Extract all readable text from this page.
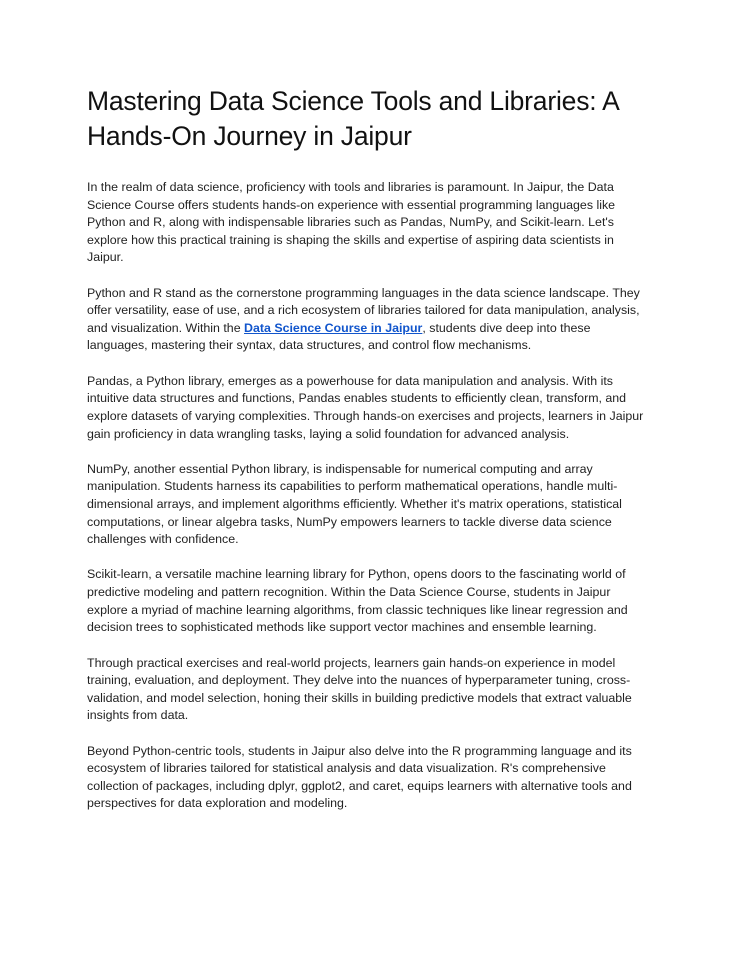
Mastering Data Science Tools and Libraries: A Hands-On Journey in Jaipur

In the realm of data science, proficiency with tools and libraries is paramount. In Jaipur, the Data Science Course offers students hands-on experience with essential programming languages like Python and R, along with indispensable libraries such as Pandas, NumPy, and Scikit-learn. Let's explore how this practical training is shaping the skills and expertise of aspiring data scientists in Jaipur.

Python and R stand as the cornerstone programming languages in the data science landscape. They offer versatility, ease of use, and a rich ecosystem of libraries tailored for data manipulation, analysis, and visualization. Within the Data Science Course in Jaipur, students dive deep into these languages, mastering their syntax, data structures, and control flow mechanisms.

Pandas, a Python library, emerges as a powerhouse for data manipulation and analysis. With its intuitive data structures and functions, Pandas enables students to efficiently clean, transform, and explore datasets of varying complexities. Through hands-on exercises and projects, learners in Jaipur gain proficiency in data wrangling tasks, laying a solid foundation for advanced analysis.

NumPy, another essential Python library, is indispensable for numerical computing and array manipulation. Students harness its capabilities to perform mathematical operations, handle multi-dimensional arrays, and implement algorithms efficiently. Whether it's matrix operations, statistical computations, or linear algebra tasks, NumPy empowers learners to tackle diverse data science challenges with confidence.

Scikit-learn, a versatile machine learning library for Python, opens doors to the fascinating world of predictive modeling and pattern recognition. Within the Data Science Course, students in Jaipur explore a myriad of machine learning algorithms, from classic techniques like linear regression and decision trees to sophisticated methods like support vector machines and ensemble learning.

Through practical exercises and real-world projects, learners gain hands-on experience in model training, evaluation, and deployment. They delve into the nuances of hyperparameter tuning, cross-validation, and model selection, honing their skills in building predictive models that extract valuable insights from data.

Beyond Python-centric tools, students in Jaipur also delve into the R programming language and its ecosystem of libraries tailored for statistical analysis and data visualization. R's comprehensive collection of packages, including dplyr, ggplot2, and caret, equips learners with alternative tools and perspectives for data exploration and modeling.
